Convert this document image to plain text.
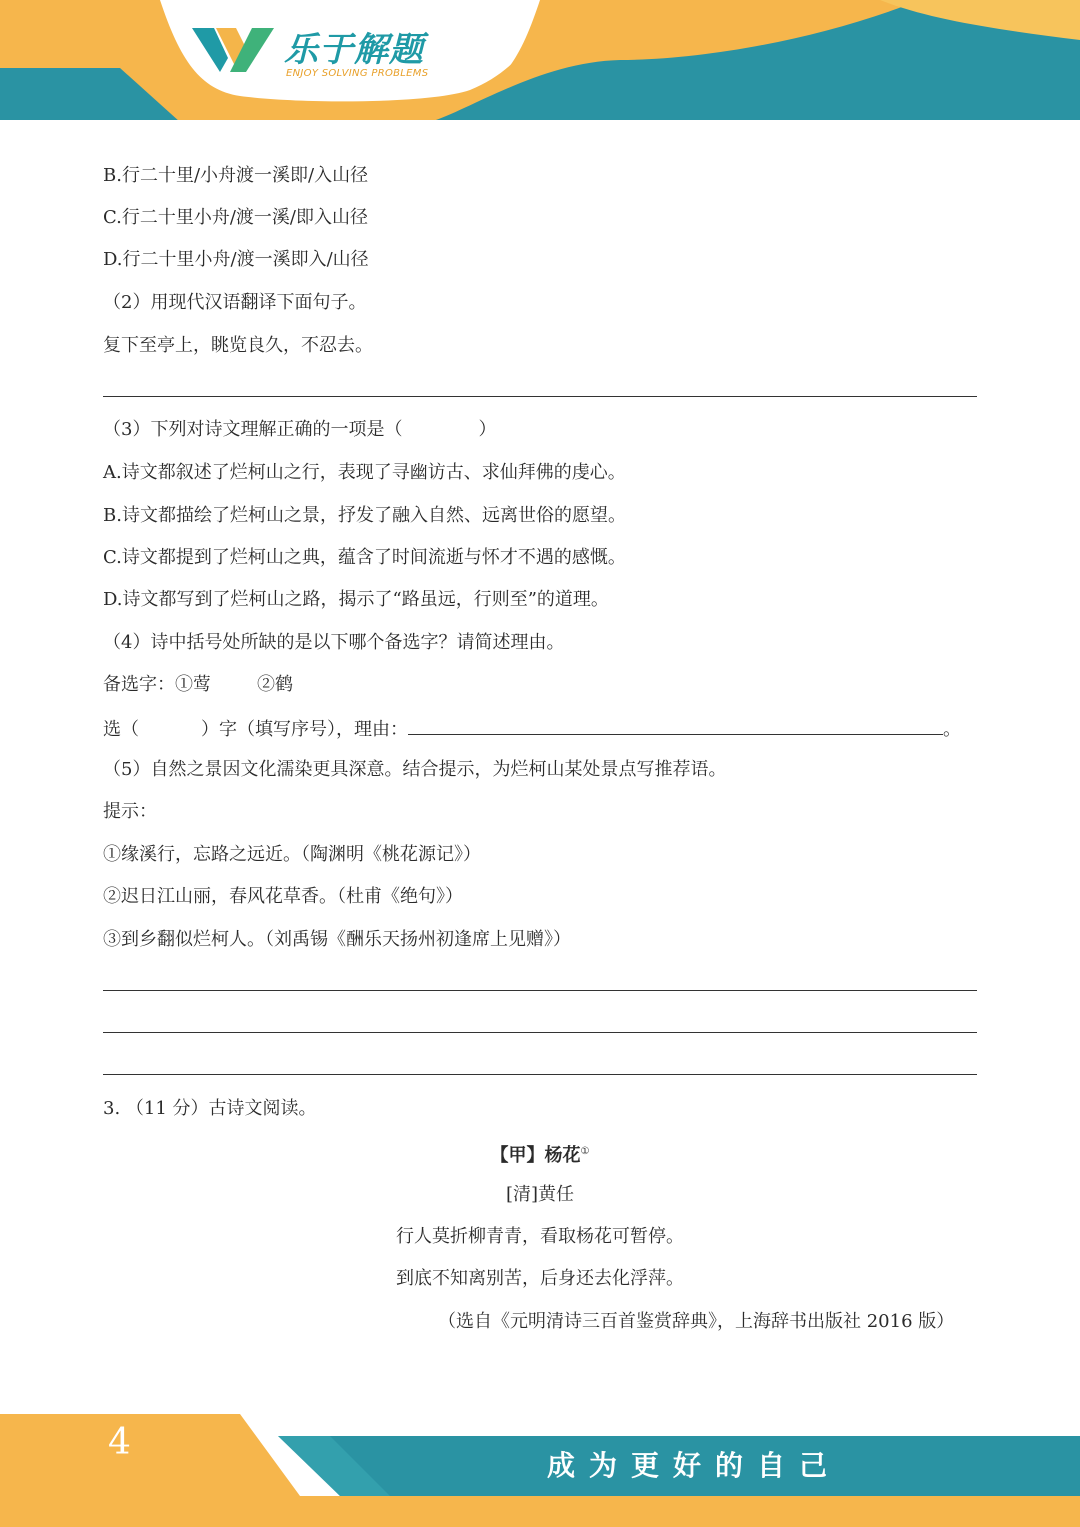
乐于解题
ENJOY SOLVING PROBLEMS
B.行二十里/小舟渡一溪即/入山径
C.行二十里小舟/渡一溪/即入山径
D.行二十里小舟/渡一溪即入/山径
（2）用现代汉语翻译下面句子。
复下至亭上，眺览良久，不忍去。
（3）下列对诗文理解正确的一项是（	）
A.诗文都叙述了烂柯山之行，表现了寻幽访古、求仙拜佛的虔心。
B.诗文都描绘了烂柯山之景，抒发了融入自然、远离世俗的愿望。
C.诗文都提到了烂柯山之典，蕴含了时间流逝与怀才不遇的感慨。
D.诗文都写到了烂柯山之路，揭示了“路虽远，行则至”的道理。
（4）诗中括号处所缺的是以下哪个备选字？请简述理由。
备选字：①莺	②鹤
选（	）字（填写序号），理由：	。
（5）自然之景因文化濡染更具深意。结合提示，为烂柯山某处景点写推荐语。
提示：
①缘溪行，忘路之远近。（陶渊明《桃花源记》）
②迟日江山丽，春风花草香。（杜甫《绝句》）
③到乡翻似烂柯人。（刘禹锡《酬乐天扬州初逢席上见赠》）
3. （11 分）古诗文阅读。
【甲】杨花①
[清]黄任
行人莫折柳青青，看取杨花可暂停。
到底不知离别苦，后身还去化浮萍。
（选自《元明清诗三百首鉴赏辞典》，上海辞书出版社 2016 版）
4
成为更好的自己
